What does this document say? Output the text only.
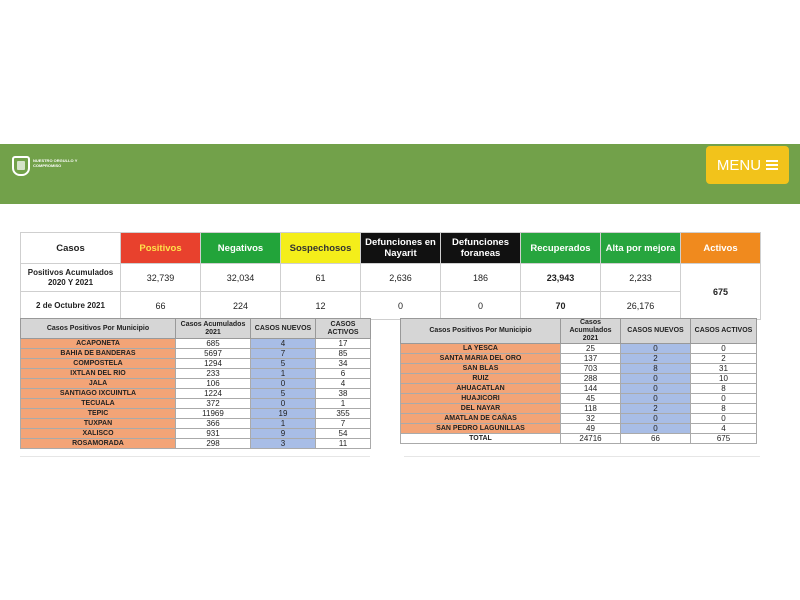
NUESTRO ORGULLO Y COMPROMISO	MENU
Casos	Positivos	Negativos	Sospechosos	Defunciones en Nayarit	Defunciones foraneas	Recuperados	Alta por mejora	Activos
Positivos Acumulados 2020 Y 2021	32,739	32,034	61	2,636	186	23,943	2,233	675
2 de Octubre 2021	66	224	12	0	0	70	26,176	
Casos Positivos Por Municipio	Casos Acumulados 2021	CASOS NUEVOS	CASOS ACTIVOS
ACAPONETA	685	4	17
BAHIA DE BANDERAS	5697	7	85
COMPOSTELA	1294	5	34
IXTLAN DEL RIO	233	1	6
JALA	106	0	4
SANTIAGO IXCUINTLA	1224	5	38
TECUALA	372	0	1
TEPIC	11969	19	355
TUXPAN	366	1	7
XALISCO	931	9	54
ROSAMORADA	298	3	11
Casos Positivos Por Municipio	Casos Acumulados 2021	CASOS NUEVOS	CASOS ACTIVOS
LA YESCA	25	0	0
SANTA MARIA DEL ORO	137	2	2
SAN BLAS	703	8	31
RUIZ	288	0	10
AHUACATLAN	144	0	8
HUAJICORI	45	0	0
DEL NAYAR	118	2	8
AMATLAN DE CAÑAS	32	0	0
SAN PEDRO LAGUNILLAS	49	0	4
TOTAL	24716	66	675
